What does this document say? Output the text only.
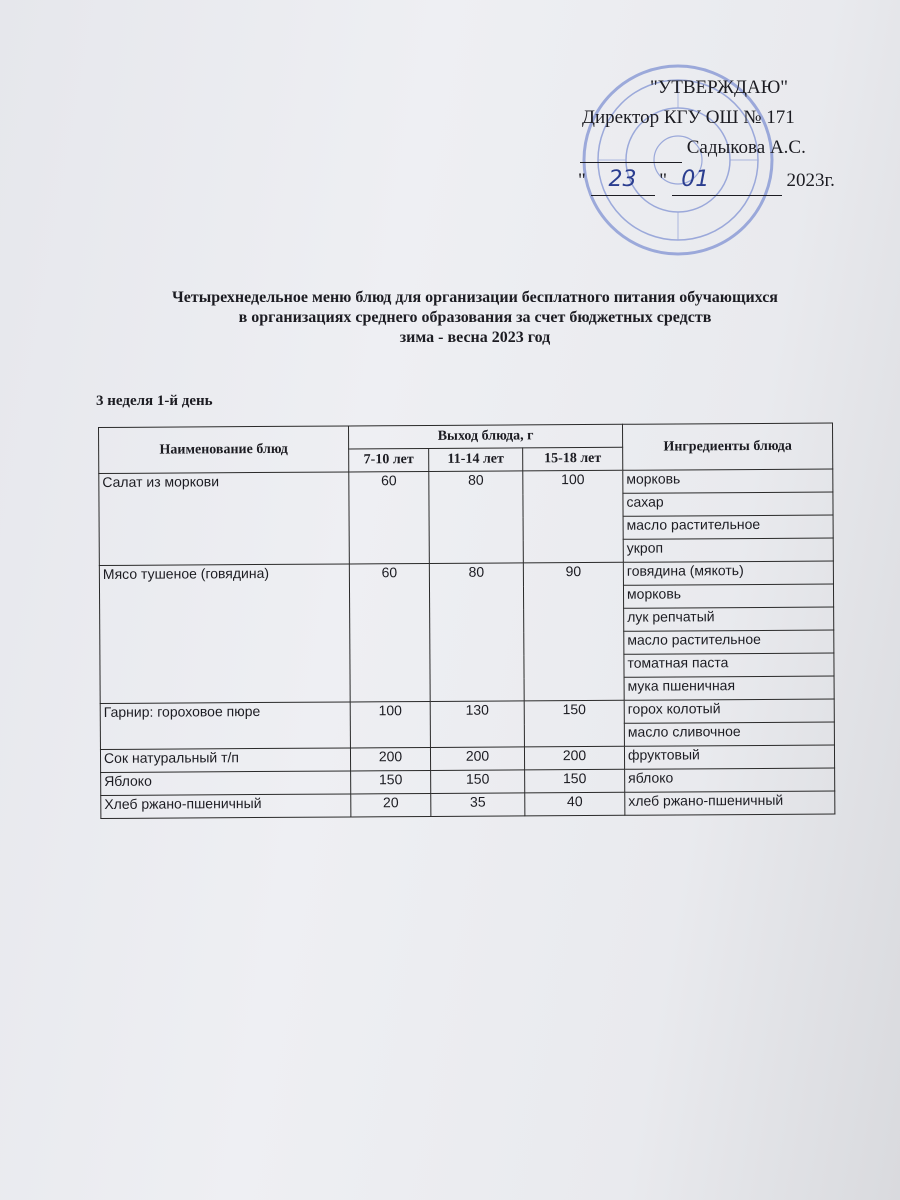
"УТВЕРЖДАЮ"
Директор КГУ ОШ № 171
Садыкова А.С.
" 23 " 01	2023г.
Четырехнедельное меню блюд для организации бесплатного питания обучающихся
в организациях среднего образования за счет бюджетных средств
зима - весна 2023 год
3 неделя 1-й день
Наименование блюд	Выход блюда, г			Ингредиенты блюда
	7-10 лет	11-14 лет	15-18 лет	
Салат из моркови	60	80	100	морковь
				сахар
				масло растительное
				укроп
Мясо тушеное (говядина)	60	80	90	говядина (мякоть)
				морковь
				лук репчатый
				масло растительное
				томатная паста
				мука пшеничная
Гарнир: гороховое пюре	100	130	150	горох колотый
				масло сливочное
Сок натуральный т/п	200	200	200	фруктовый
Яблоко	150	150	150	яблоко
Хлеб ржано-пшеничный	20	35	40	хлеб ржано-пшеничный
